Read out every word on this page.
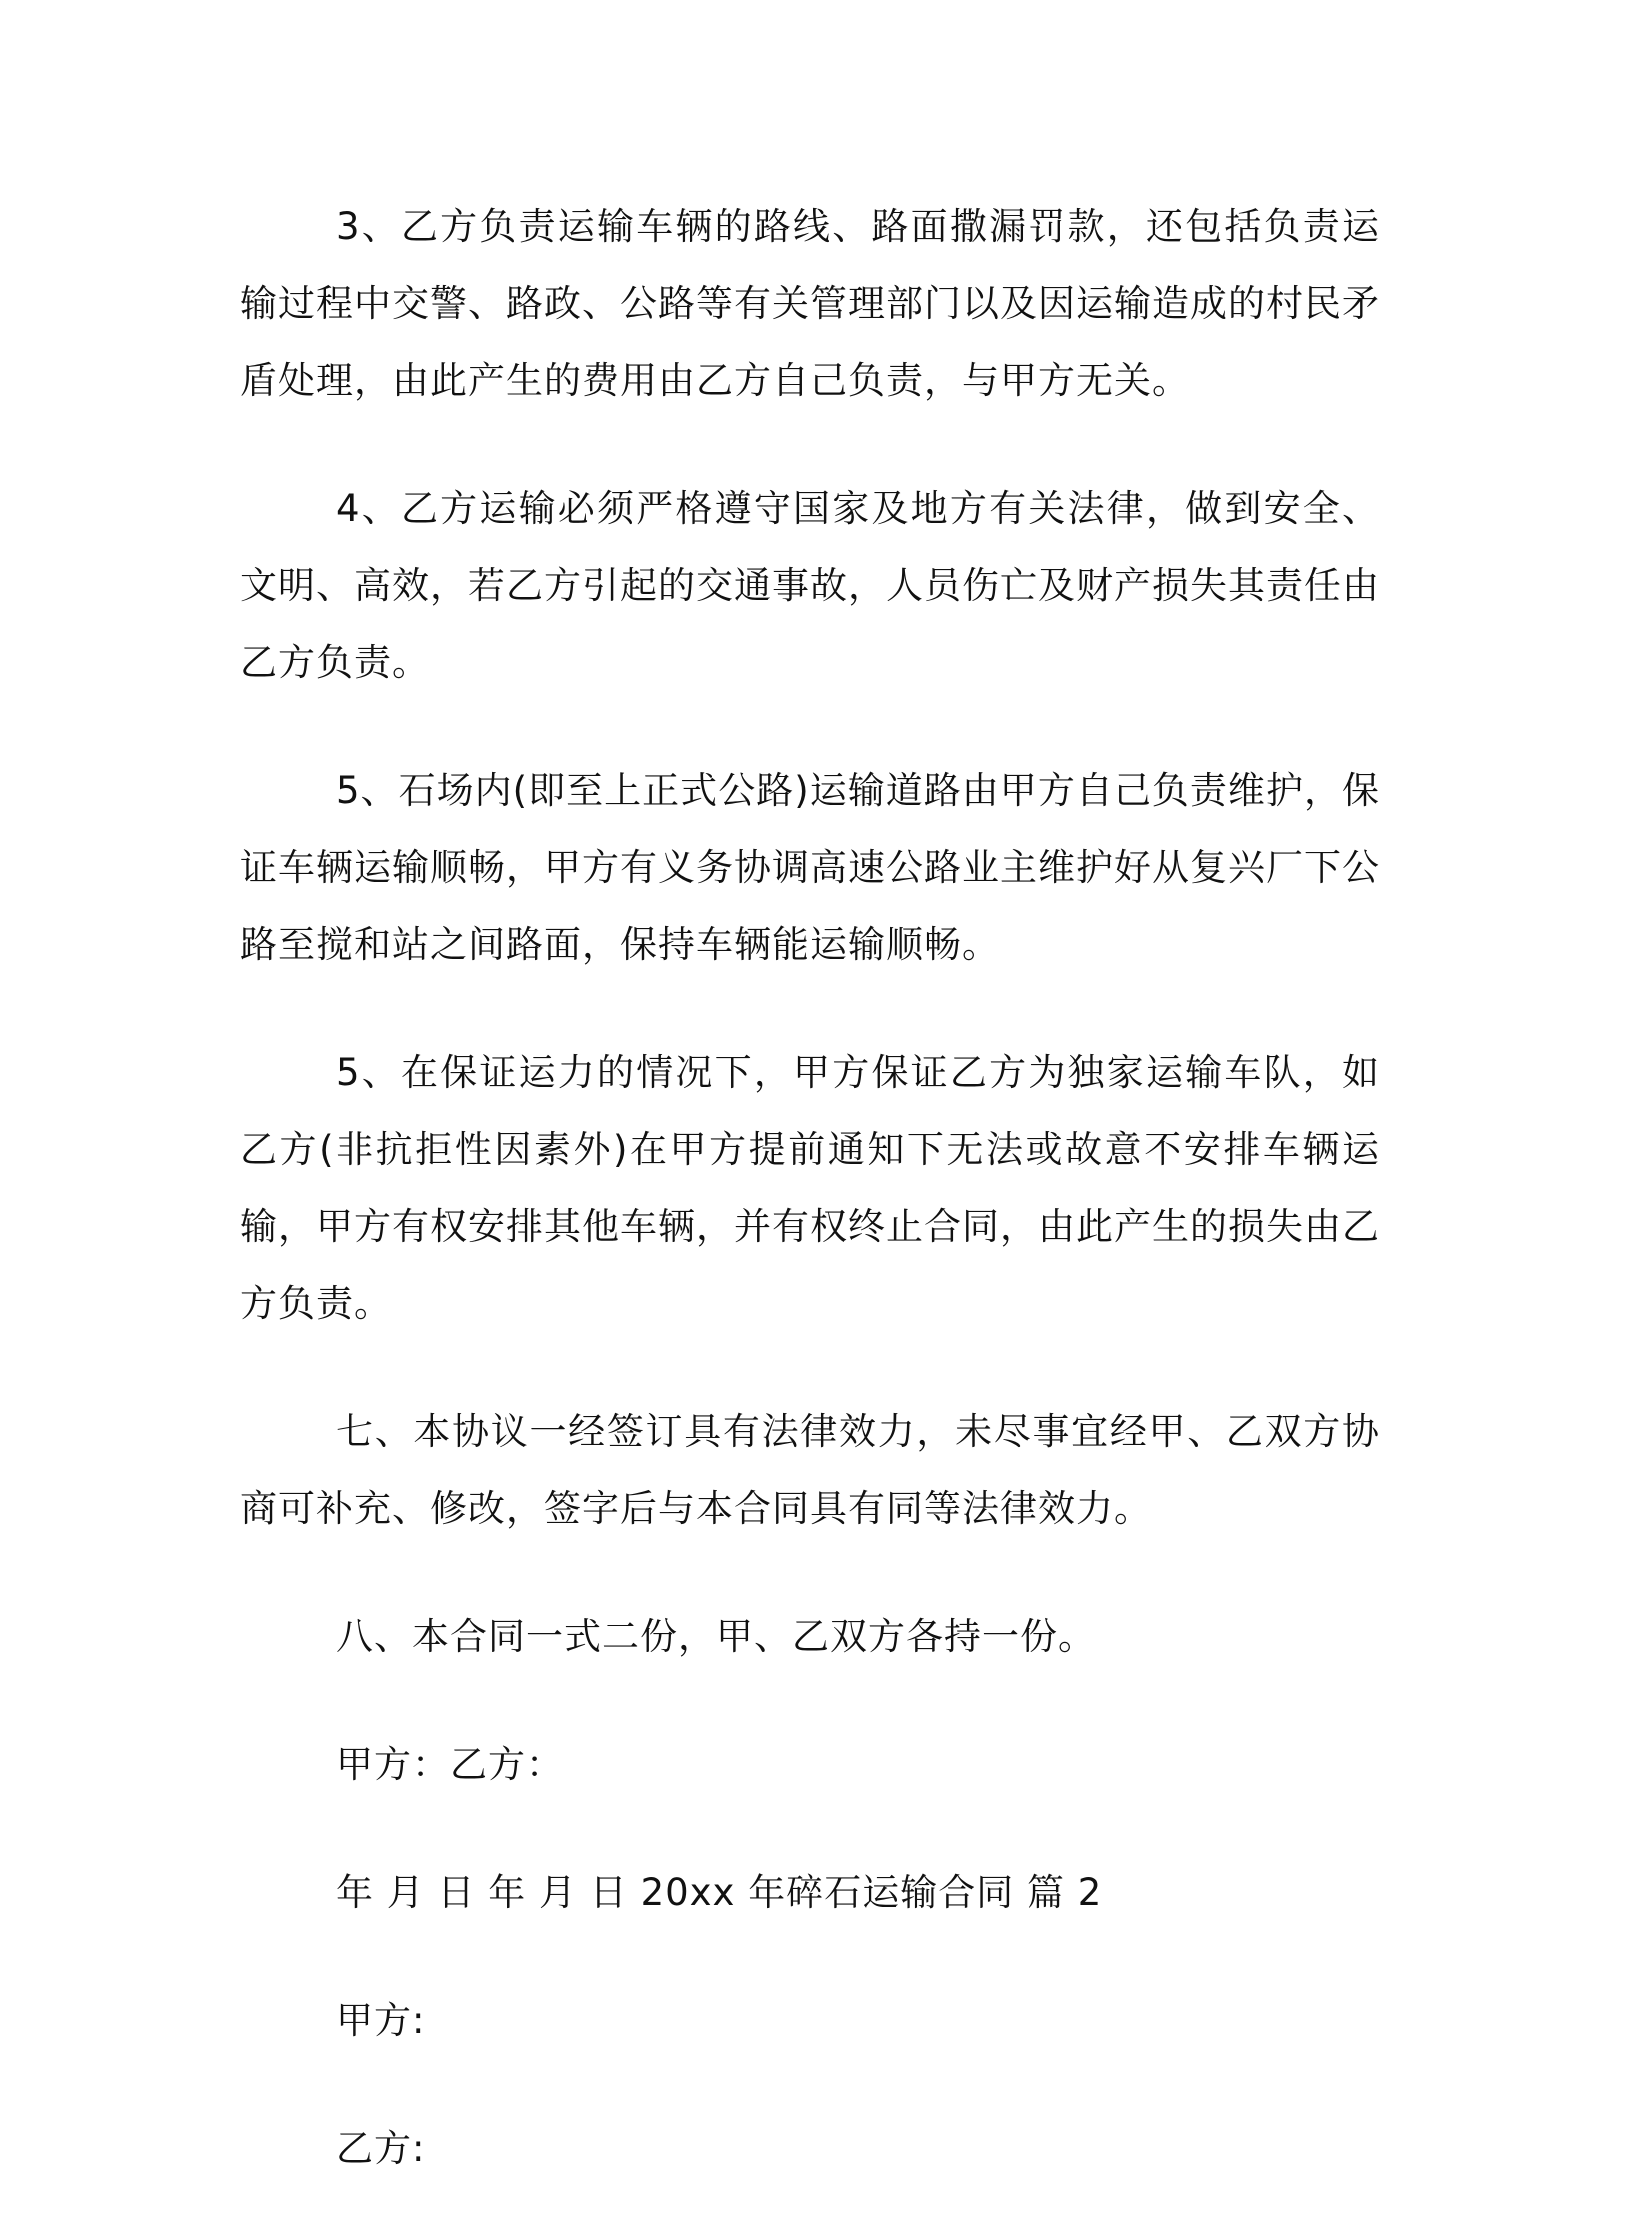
3、乙方负责运输车辆的路线、路面撒漏罚款，还包括负责运输过程中交警、路政、公路等有关管理部门以及因运输造成的村民矛盾处理，由此产生的费用由乙方自己负责，与甲方无关。

4、乙方运输必须严格遵守国家及地方有关法律，做到安全、文明、高效，若乙方引起的交通事故，人员伤亡及财产损失其责任由乙方负责。

5、石场内(即至上正式公路)运输道路由甲方自己负责维护，保证车辆运输顺畅，甲方有义务协调高速公路业主维护好从复兴厂下公路至搅和站之间路面，保持车辆能运输顺畅。

5、在保证运力的情况下，甲方保证乙方为独家运输车队，如乙方(非抗拒性因素外)在甲方提前通知下无法或故意不安排车辆运输，甲方有权安排其他车辆，并有权终止合同，由此产生的损失由乙方负责。

七、本协议一经签订具有法律效力，未尽事宜经甲、乙双方协商可补充、修改，签字后与本合同具有同等法律效力。

八、本合同一式二份，甲、乙双方各持一份。

甲方：乙方：

年 月 日 年 月 日 20xx 年碎石运输合同 篇 2

甲方:

乙方:
